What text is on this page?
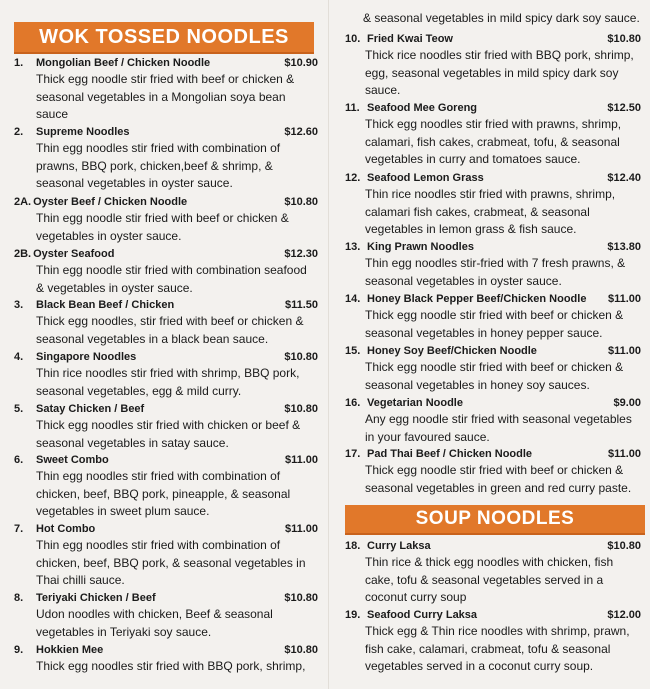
WOK TOSSED NOODLES
1.	Mongolian Beef / Chicken Noodle	$10.90
Thick egg noodle stir fried with beef or chicken & seasonal vegetables in a Mongolian soya bean sauce
2.	Supreme Noodles	$12.60
Thin egg noodles stir fried with combination of prawns, BBQ pork, chicken,beef & shrimp, & seasonal vegetables in oyster sauce.
2A. Oyster Beef / Chicken Noodle	$10.80
Thin egg noodle stir fried with beef or chicken & vegetables in oyster sauce.
2B. Oyster Seafood	$12.30
Thin egg noodle stir fried with combination seafood & vegetables in oyster sauce.
3.	Black Bean Beef / Chicken	$11.50
Thick egg noodles, stir fried with beef or chicken & seasonal vegetables in a black bean sauce.
4.	Singapore Noodles	$10.80
Thin rice noodles stir fried with shrimp, BBQ pork, seasonal vegetables, egg & mild curry.
5.	Satay Chicken / Beef	$10.80
Thick egg noodles stir fried with chicken or beef & seasonal vegetables in satay sauce.
6.	Sweet Combo	$11.00
Thin egg noodles stir fried with combination of chicken, beef, BBQ pork, pineapple, & seasonal vegetables in sweet plum sauce.
7.	Hot Combo	$11.00
Thin egg noodles stir fried with combination of chicken, beef, BBQ pork, & seasonal vegetables in Thai chilli sauce.
8.	Teriyaki Chicken / Beef	$10.80
Udon noodles with chicken, Beef & seasonal vegetables in Teriyaki soy sauce.
9.	Hokkien Mee	$10.80
Thick egg noodles stir fried with BBQ pork, shrimp,
& seasonal vegetables in mild spicy dark soy sauce.
10. Fried Kwai Teow	$10.80
Thick rice noodles stir fried with BBQ pork, shrimp, egg, seasonal vegetables in mild spicy dark soy sauce.
11. Seafood Mee Goreng	$12.50
Thick egg noodles stir fried with prawns, shrimp, calamari, fish cakes, crabmeat, tofu, & seasonal vegetables in curry and tomatoes sauce.
12. Seafood Lemon Grass	$12.40
Thin rice noodles stir fried with prawns, shrimp, calamari fish cakes, crabmeat, & seasonal vegetables in lemon grass & fish sauce.
13. King Prawn Noodles	$13.80
Thin egg noodles stir-fried with 7 fresh prawns, & seasonal vegetables in oyster sauce.
14. Honey Black Pepper Beef/Chicken Noodle $11.00
Thick egg noodle stir fried with beef or chicken & seasonal vegetables in honey pepper sauce.
15. Honey Soy Beef/Chicken Noodle	$11.00
Thick egg noodle stir fried with beef or chicken & seasonal vegetables in honey soy sauces.
16. Vegetarian Noodle	$9.00
Any egg noodle stir fried with seasonal vegetables in your favoured sauce.
17. Pad Thai Beef / Chicken Noodle	$11.00
Thick egg noodle stir fried with beef or chicken & seasonal vegetables in green and red curry paste.
18. Curry Laksa	$10.80
Thin rice & thick egg noodles with chicken, fish cake, tofu & seasonal vegetables served in a coconut curry soup
19. Seafood Curry Laksa	$12.00
Thick egg & Thin rice noodles with shrimp, prawn, fish cake, calamari, crabmeat, tofu & seasonal vegetables served in a coconut curry soup.
SOUP NOODLES
